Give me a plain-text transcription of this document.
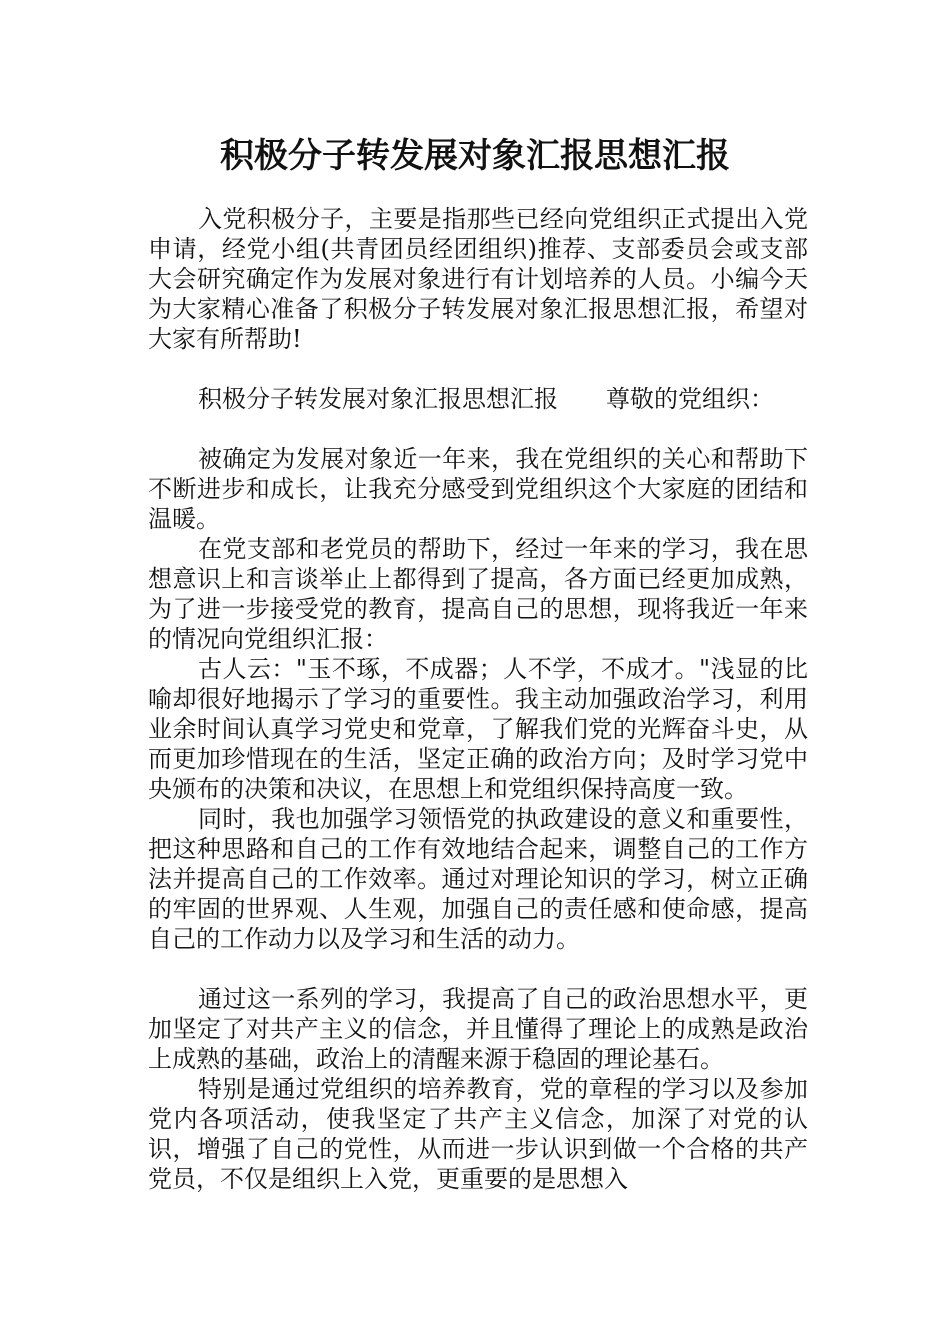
积极分子转发展对象汇报思想汇报

入党积极分子，主要是指那些已经向党组织正式提出入党申请，经党小组(共青团员经团组织)推荐、支部委员会或支部大会研究确定作为发展对象进行有计划培养的人员。小编今天为大家精心准备了积极分子转发展对象汇报思想汇报，希望对大家有所帮助!

积极分子转发展对象汇报思想汇报　　尊敬的党组织：

被确定为发展对象近一年来，我在党组织的关心和帮助下不断进步和成长，让我充分感受到党组织这个大家庭的团结和温暖。

在党支部和老党员的帮助下，经过一年来的学习，我在思想意识上和言谈举止上都得到了提高，各方面已经更加成熟，为了进一步接受党的教育，提高自己的思想，现将我近一年来的情况向党组织汇报：

古人云："玉不琢，不成器；人不学，不成才。"浅显的比喻却很好地揭示了学习的重要性。我主动加强政治学习，利用业余时间认真学习党史和党章，了解我们党的光辉奋斗史，从而更加珍惜现在的生活，坚定正确的政治方向；及时学习党中央颁布的决策和决议，在思想上和党组织保持高度一致。

同时，我也加强学习领悟党的执政建设的意义和重要性，把这种思路和自己的工作有效地结合起来，调整自己的工作方法并提高自己的工作效率。通过对理论知识的学习，树立正确的牢固的世界观、人生观，加强自己的责任感和使命感，提高自己的工作动力以及学习和生活的动力。

通过这一系列的学习，我提高了自己的政治思想水平，更加坚定了对共产主义的信念，并且懂得了理论上的成熟是政治上成熟的基础，政治上的清醒来源于稳固的理论基石。

特别是通过党组织的培养教育，党的章程的学习以及参加党内各项活动，使我坚定了共产主义信念，加深了对党的认识，增强了自己的党性，从而进一步认识到做一个合格的共产党员，不仅是组织上入党，更重要的是思想入
